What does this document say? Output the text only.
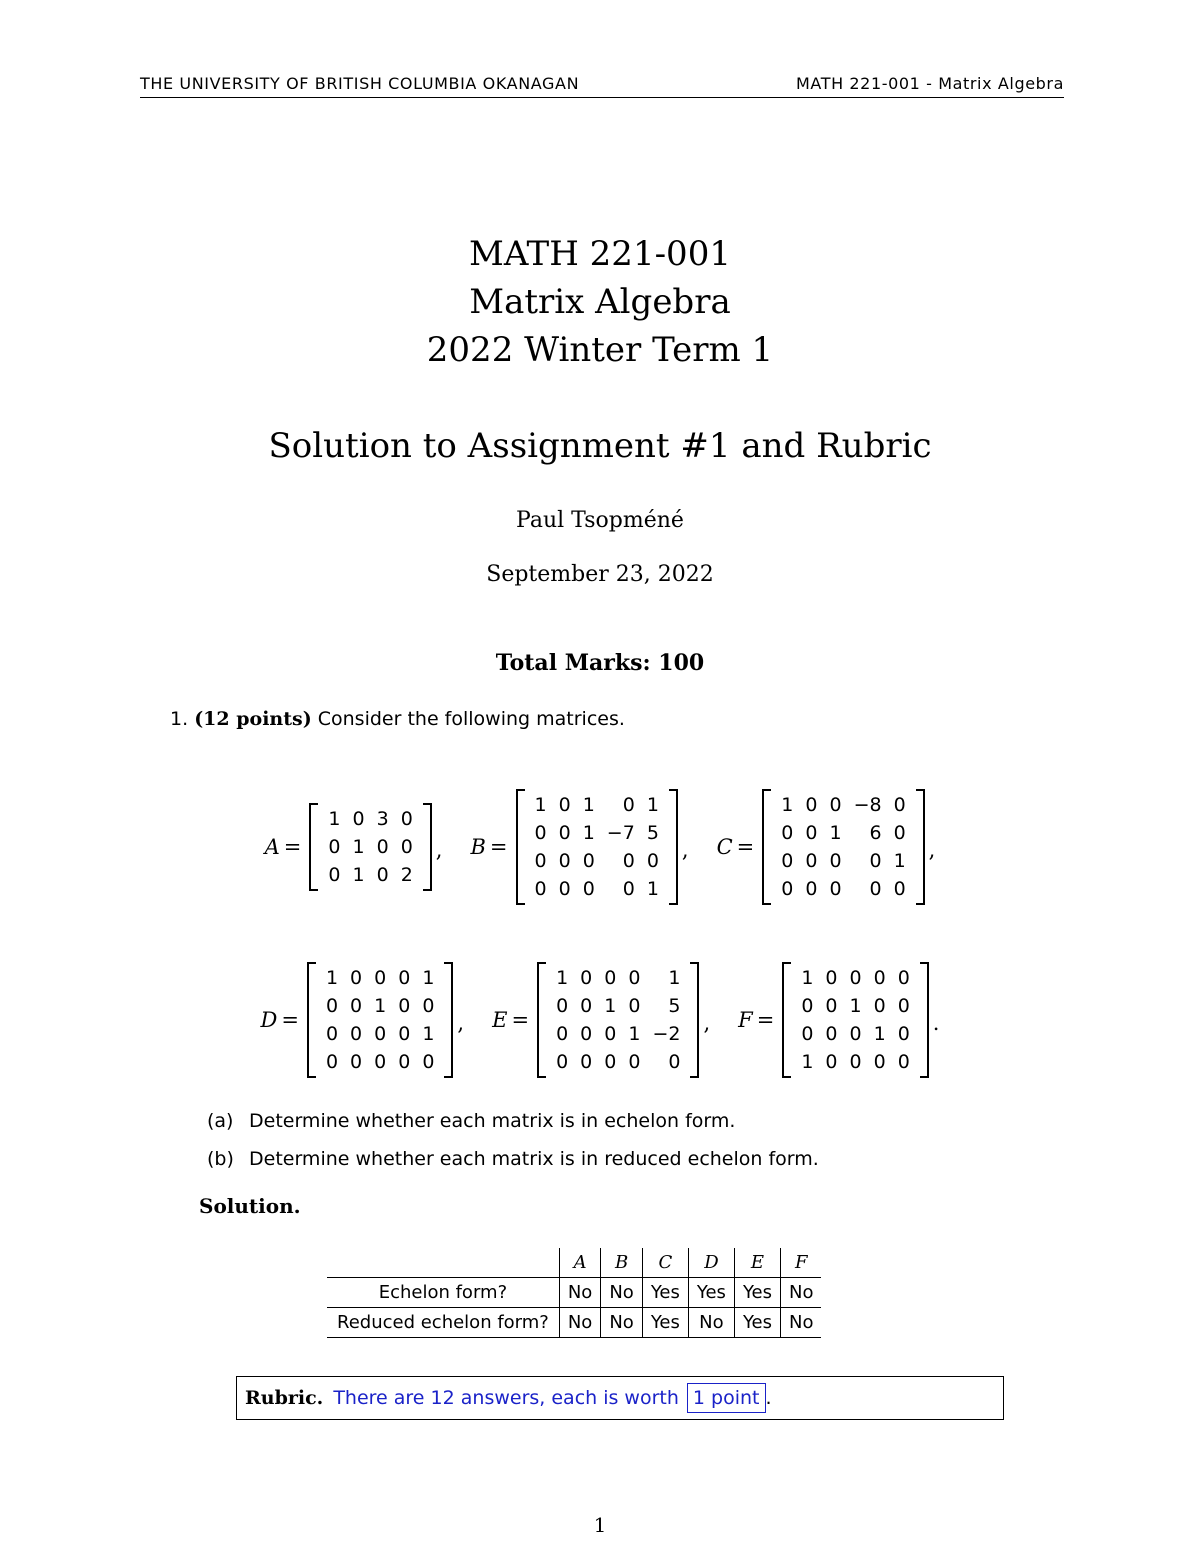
THE UNIVERSITY OF BRITISH COLUMBIA OKANAGAN	MATH 221-001 - Matrix Algebra
MATH 221-001
Matrix Algebra
2022 Winter Term 1
Solution to Assignment #1 and Rubric
Paul Tsopméné
September 23, 2022
Total Marks: 100
1. (12 points) Consider the following matrices.
A =
1	0	3	0
0	1	0	0
0	1	0	2
, B =
1	0	1	0	1
0	0	1	−7	5
0	0	0	0	0
0	0	0	0	1
, C =
1	0	0	−8	0
0	0	1	6	0
0	0	0	0	1
0	0	0	0	0
,
D =
1	0	0	0	1
0	0	1	0	0
0	0	0	0	1
0	0	0	0	0
, E =
1	0	0	0	1
0	0	1	0	5
0	0	0	1	−2
0	0	0	0	0
, F =
1	0	0	0	0
0	0	1	0	0
0	0	0	1	0
1	0	0	0	0
.
(a) Determine whether each matrix is in echelon form.
(b) Determine whether each matrix is in reduced echelon form.
Solution.
	A	B	C	D	E	F
Echelon form?	No	No	Yes	Yes	Yes	No
Reduced echelon form?	No	No	Yes	No	Yes	No
Rubric. There are 12 answers, each is worth 1 point .
1
